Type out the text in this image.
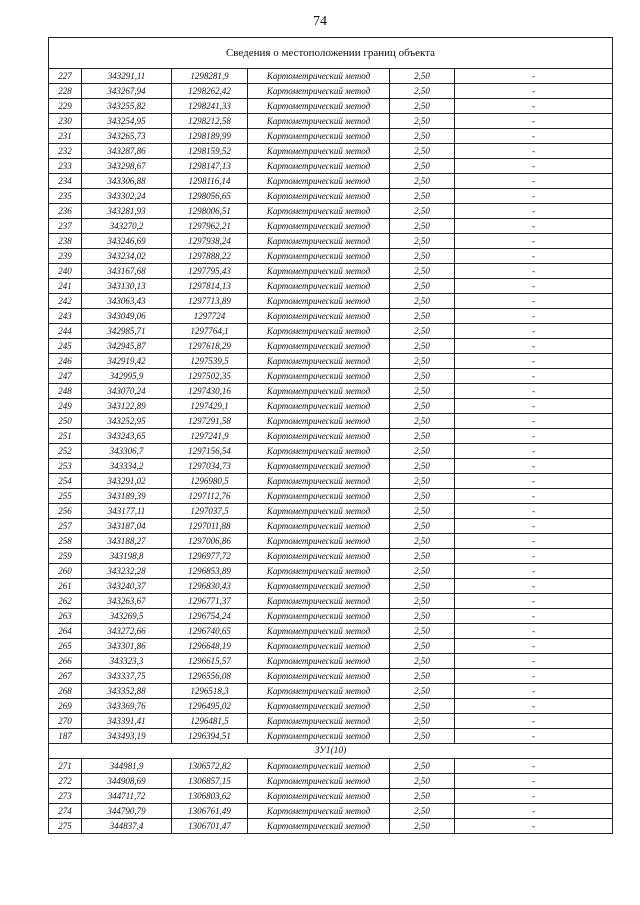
74
Сведения о местоположении границ объекта					
227	343291,11	1298281,9	Картометрический метод	2,50	-
228	343267,94	1298262,42	Картометрический метод	2,50	-
229	343255,82	1298241,33	Картометрический метод	2,50	-
230	343254,95	1298212,58	Картометрический метод	2,50	-
231	343265,73	1298189,99	Картометрический метод	2,50	-
232	343287,86	1298159,52	Картометрический метод	2,50	-
233	343298,67	1298147,13	Картометрический метод	2,50	-
234	343306,88	1298116,14	Картометрический метод	2,50	-
235	343302,24	1298056,65	Картометрический метод	2,50	-
236	343281,93	1298006,51	Картометрический метод	2,50	-
237	343270,2	1297962,21	Картометрический метод	2,50	-
238	343246,69	1297938,24	Картометрический метод	2,50	-
239	343234,02	1297888,22	Картометрический метод	2,50	-
240	343167,68	1297795,43	Картометрический метод	2,50	-
241	343130,13	1297814,13	Картометрический метод	2,50	-
242	343063,43	1297713,89	Картометрический метод	2,50	-
243	343049,06	1297724	Картометрический метод	2,50	-
244	342985,71	1297764,1	Картометрический метод	2,50	-
245	342945,87	1297618,29	Картометрический метод	2,50	-
246	342919,42	1297539,5	Картометрический метод	2,50	-
247	342995,9	1297502,35	Картометрический метод	2,50	-
248	343070,24	1297430,16	Картометрический метод	2,50	-
249	343122,89	1297429,1	Картометрический метод	2,50	-
250	343252,95	1297291,58	Картометрический метод	2,50	-
251	343243,65	1297241,9	Картометрический метод	2,50	-
252	343306,7	1297156,54	Картометрический метод	2,50	-
253	343334,2	1297034,73	Картометрический метод	2,50	-
254	343291,02	1296980,5	Картометрический метод	2,50	-
255	343189,39	1297112,76	Картометрический метод	2,50	-
256	343177,11	1297037,5	Картометрический метод	2,50	-
257	343187,04	1297011,88	Картометрический метод	2,50	-
258	343188,27	1297006,86	Картометрический метод	2,50	-
259	343198,8	1296977,72	Картометрический метод	2,50	-
260	343232,28	1296853,89	Картометрический метод	2,50	-
261	343240,37	1296830,43	Картометрический метод	2,50	-
262	343263,67	1296771,37	Картометрический метод	2,50	-
263	343269,5	1296754,24	Картометрический метод	2,50	-
264	343272,66	1296740,65	Картометрический метод	2,50	-
265	343301,86	1296648,19	Картометрический метод	2,50	-
266	343323,3	1296615,57	Картометрический метод	2,50	-
267	343337,75	1296556,08	Картометрический метод	2,50	-
268	343352,88	1296518,3	Картометрический метод	2,50	-
269	343369,76	1296495,02	Картометрический метод	2,50	-
270	343391,41	1296481,5	Картометрический метод	2,50	-
187	343493,19	1296394,51	Картометрический метод	2,50	-
ЗУ1(10)					
271	344981,9	1306572,82	Картометрический метод	2,50	-
272	344908,69	1306857,15	Картометрический метод	2,50	-
273	344711,72	1306803,62	Картометрический метод	2,50	-
274	344790,79	1306761,49	Картометрический метод	2,50	-
275	344837,4	1306701,47	Картометрический метод	2,50	-
